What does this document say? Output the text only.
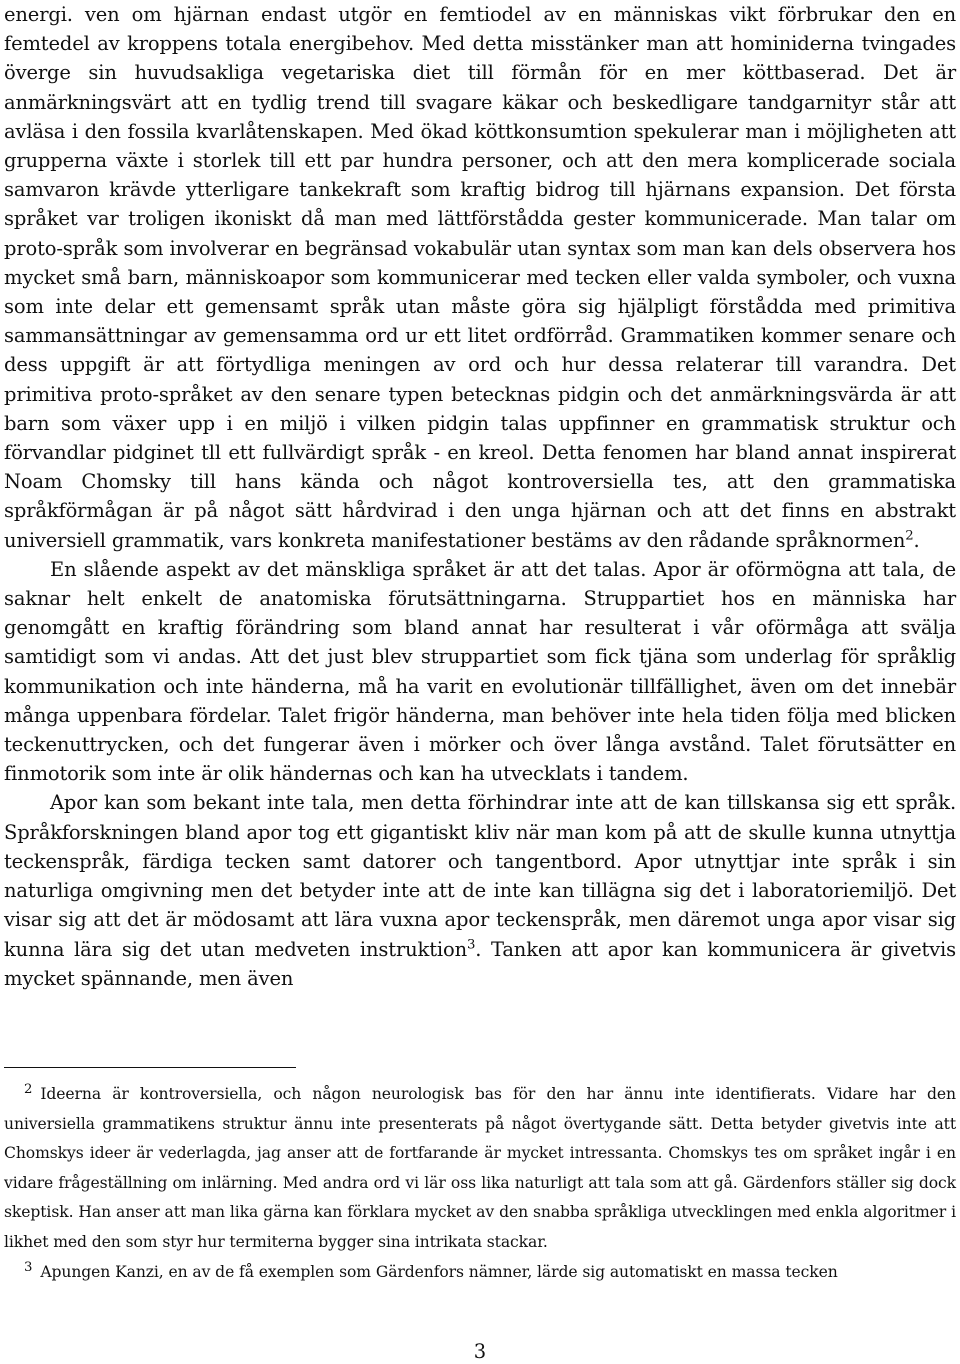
energi. ven om hjärnan endast utgör en femtiodel av en människas vikt förbrukar den en femtedel av kroppens totala energibehov. Med detta misstänker man att hominiderna tvingades överge sin huvudsakliga vegetariska diet till förmån för en mer köttbaserad. Det är anmärkningsvärt att en tydlig trend till svagare käkar och beskedligare tandgarnityr står att avläsa i den fossila kvarlåtenskapen. Med ökad köttkonsumtion spekulerar man i möjligheten att grupperna växte i storlek till ett par hundra personer, och att den mera komplicerade sociala samvaron krävde ytterligare tankekraft som kraftig bidrog till hjärnans expansion. Det första språket var troligen ikoniskt då man med lättförstådda gester kommunicerade. Man talar om proto-språk som involverar en begränsad vokabulär utan syntax som man kan dels observera hos mycket små barn, människoapor som kommunicerar med tecken eller valda symboler, och vuxna som inte delar ett gemensamt språk utan måste göra sig hjälpligt förstådda med primitiva sammansättningar av gemensamma ord ur ett litet ordförråd. Grammatiken kommer senare och dess uppgift är att förtydliga meningen av ord och hur dessa relaterar till varandra. Det primitiva proto-språket av den senare typen betecknas pidgin och det anmärkningsvärda är att barn som växer upp i en miljö i vilken pidgin talas uppfinner en grammatisk struktur och förvandlar pidginet tll ett fullvärdigt språk - en kreol. Detta fenomen har bland annat inspirerat Noam Chomsky till hans kända och något kontroversiella tes, att den grammatiska språkförmågan är på något sätt hårdvirad i den unga hjärnan och att det finns en abstrakt universiell grammatik, vars konkreta manifestationer bestäms av den rådande språknormen$^2$.

En slående aspekt av det mänskliga språket är att det talas. Apor är oförmögna att tala, de saknar helt enkelt de anatomiska förutsättningarna. Struppartiet hos en människa har genomgått en kraftig förändring som bland annat har resulterat i vår oförmåga att svälja samtidigt som vi andas. Att det just blev struppartiet som fick tjäna som underlag för språklig kommunikation och inte händerna, må ha varit en evolutionär tillfällighet, även om det innebär många uppenbara fördelar. Talet frigör händerna, man behöver inte hela tiden följa med blicken teckenuttrycken, och det fungerar även i mörker och över långa avstånd. Talet förutsätter en finmotorik som inte är olik händernas och kan ha utvecklats i tandem.

Apor kan som bekant inte tala, men detta förhindrar inte att de kan tillskansa sig ett språk. Språkforskningen bland apor tog ett gigantiskt kliv när man kom på att de skulle kunna utnyttja teckenspråk, färdiga tecken samt datorer och tangentbord. Apor utnyttjar inte språk i sin naturliga omgivning men det betyder inte att de inte kan tillägna sig det i laboratoriemiljö. Det visar sig att det är mödosamt att lära vuxna apor teckenspråk, men däremot unga apor visar sig kunna lära sig det utan medveten instruktion$^3$. Tanken att apor kan kommunicera är givetvis mycket spännande, men även

$^2$ Ideerna är kontroversiella, och någon neurologisk bas för den har ännu inte identifierats. Vidare har den universiella grammatikens struktur ännu inte presenterats på något övertygande sätt. Detta betyder givetvis inte att Chomskys ideer är vederlagda, jag anser att de fortfarande är mycket intressanta. Chomskys tes om språket ingår i en vidare frågeställning om inlärning. Med andra ord vi lär oss lika naturligt att tala som att gå. Gärdenfors ställer sig dock skeptisk. Han anser att man lika gärna kan förklara mycket av den snabba språkliga utvecklingen med enkla algoritmer i likhet med den som styr hur termiterna bygger sina intrikata stackar.

$^3$ Apungen Kanzi, en av de få exemplen som Gärdenfors nämner, lärde sig automatiskt en massa tecken

3
